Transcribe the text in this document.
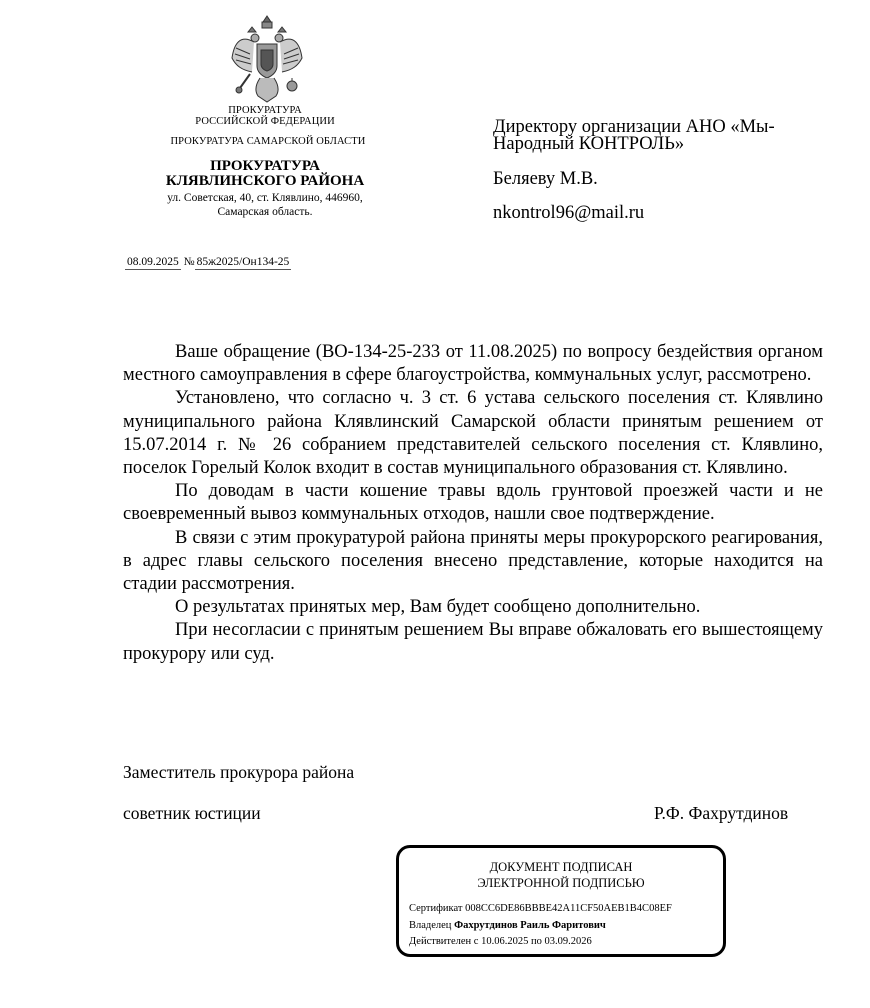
ПРОКУРАТУРА
РОССИЙСКОЙ ФЕДЕРАЦИИ
ПРОКУРАТУРА САМАРСКОЙ ОБЛАСТИ
ПРОКУРАТУРА
КЛЯВЛИНСКОГО РАЙОНА
ул. Советская, 40, ст. Клявлино, 446960,
Самарская область.
08.09.2025 № 85ж2025/Он134-25
Директору организации АНО «Мы-Народный КОНТРОЛЬ»
Беляеву М.В.
nkontrol96@mail.ru

Ваше обращение (ВО-134-25-233 от 11.08.2025) по вопросу бездействия органом местного самоуправления в сфере благоустройства, коммунальных услуг, рассмотрено.

Установлено, что согласно ч. 3 ст. 6 устава сельского поселения ст. Клявлино муниципального района Клявлинский Самарской области принятым решением от 15.07.2014 г. № 26 собранием представителей сельского поселения ст. Клявлино, поселок Горелый Колок входит в состав муниципального образования ст. Клявлино.

По доводам в части кошение травы вдоль грунтовой проезжей части и не своевременный вывоз коммунальных отходов, нашли свое подтверждение.

В связи с этим прокуратурой района приняты меры прокурорского реагирования, в адрес главы сельского поселения внесено представление, которые находится на стадии рассмотрения.

О результатах принятых мер, Вам будет сообщено дополнительно.

При несогласии с принятым решением Вы вправе обжаловать его вышестоящему прокурору или суд.

Заместитель прокурора района
советник юстиции	Р.Ф. Фахрутдинов
ДОКУМЕНТ ПОДПИСАН
ЭЛЕКТРОННОЙ ПОДПИСЬЮ
Сертификат 008CC6DE86BBBE42A11CF50AEB1B4C08EF
Владелец Фахрутдинов Раиль Фаритович
Действителен с 10.06.2025 по 03.09.2026
